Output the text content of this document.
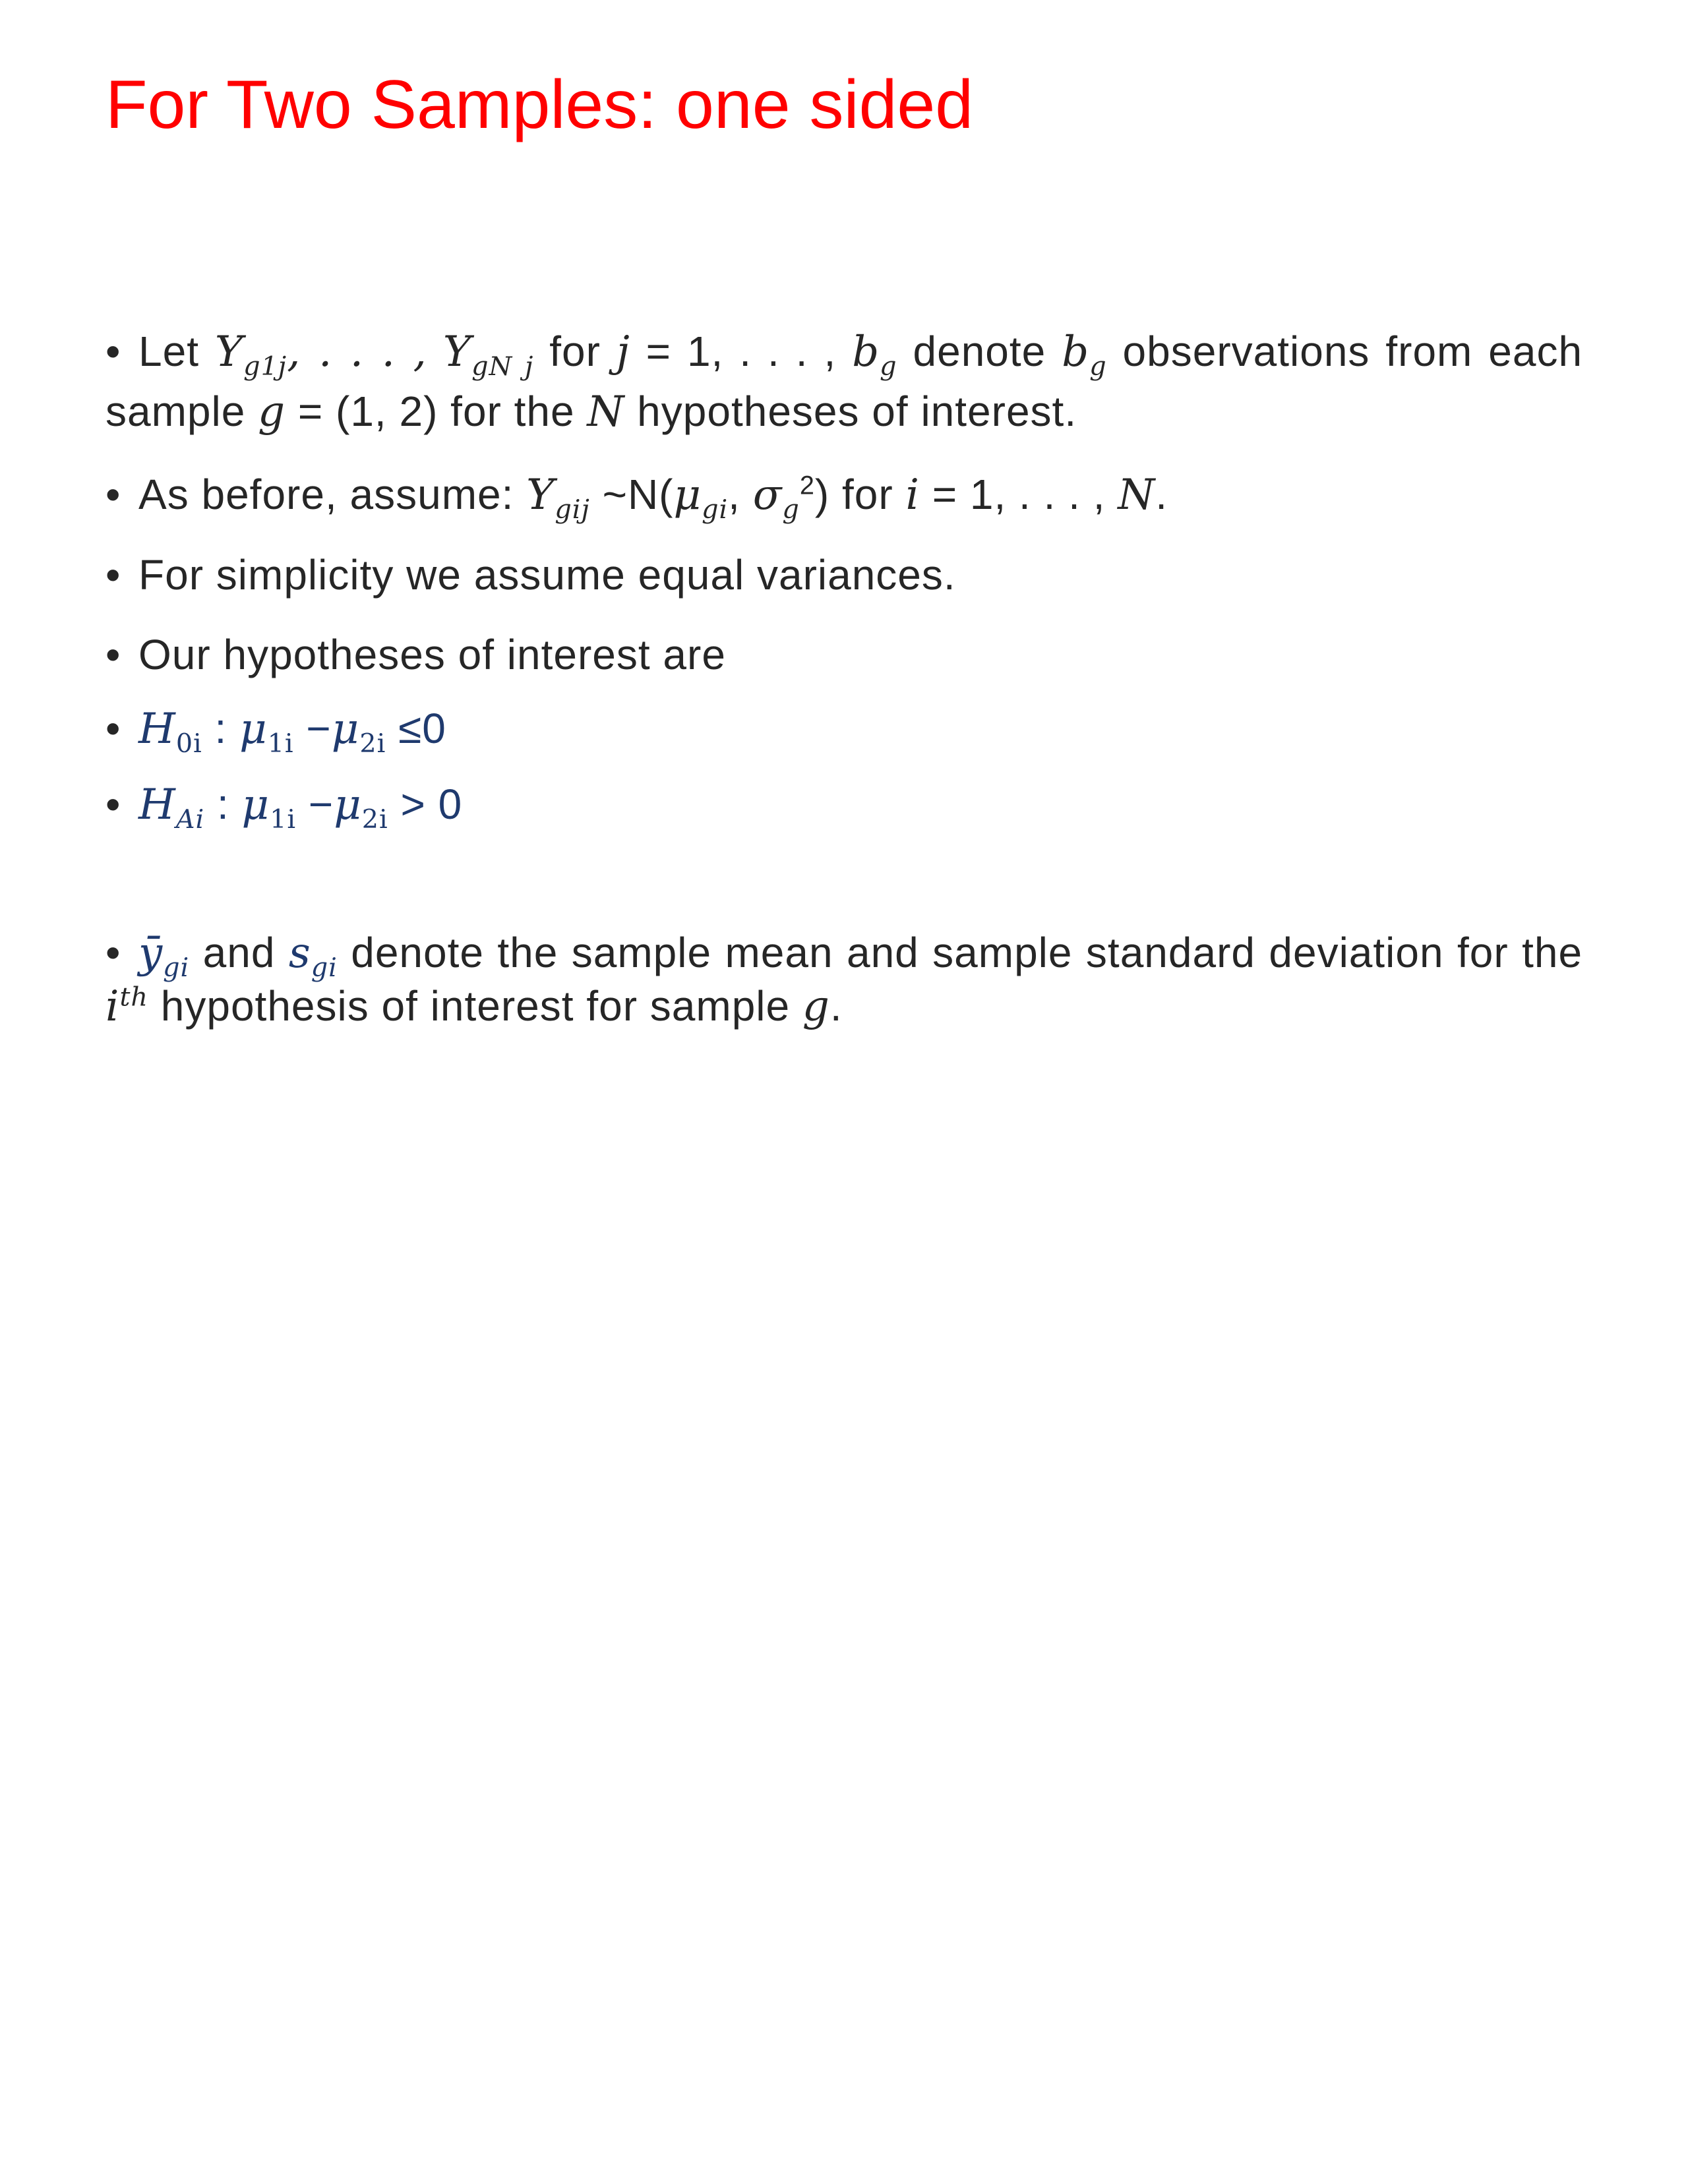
For Two Samples: one sided
• Let $Y_{g1j}$, . . . , $Y_{gN j}$ for j = 1, . . . , $b_g$ denote $b_g$ observations from each sample g = (1, 2) for the N hypotheses of interest.
• As before, assume: $Y_{gij}$ $\sim N(\mu_{gi}$, $\sigma_g^2$) for i = 1, . . . , N.
• For simplicity we assume equal variances.
• Our hypotheses of interest are
• $H_{0i}$ : $\mu_{1i} -\mu_{2i} \le 0$
• $H_{Ai}$ : $\mu_{1i} -\mu_{2i} > 0$
• $ȳ_{gi}$ and $s_{gi}$ denote the sample mean and sample standard deviation for the $i^{th}$ hypothesis of interest for sample g.
